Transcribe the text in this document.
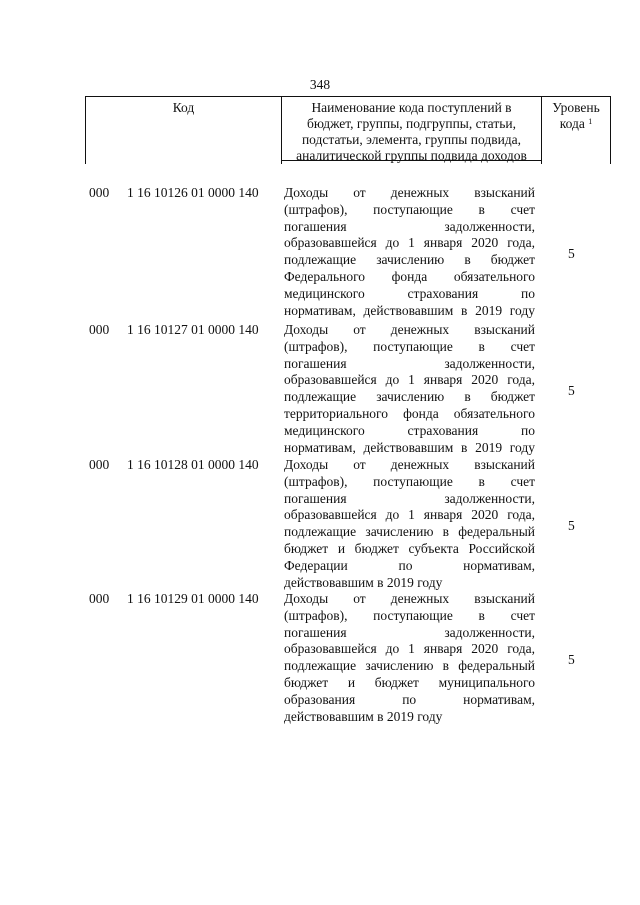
348
Код	Наименование кода поступлений в
бюджет, группы, подгруппы, статьи,
подстатьи, элемента, группы подвида,
аналитической группы подвида доходов
Уровень
кода $^1$
000 1 16 10126 01 0000 140 Доходы от денежных взысканий
(штрафов), поступающие в счет
погашения задолженности,
образовавшейся до 1 января 2020 года,
подлежащие зачислению в бюджет
Федерального фонда обязательного
медицинского страхования по
нормативам, действовавшим в 2019 году
5
000 1 16 10127 01 0000 140 Доходы от денежных взысканий
(штрафов), поступающие в счет
погашения задолженности,
образовавшейся до 1 января 2020 года,
подлежащие зачислению в бюджет
территориального фонда обязательного
медицинского страхования по
нормативам, действовавшим в 2019 году
5
000 1 16 10128 01 0000 140 Доходы от денежных взысканий
(штрафов), поступающие в счет
погашения задолженности,
образовавшейся до 1 января 2020 года,
подлежащие зачислению в федеральный
бюджет и бюджет субъекта Российской
Федерации по нормативам,
действовавшим в 2019 году
5
000 1 16 10129 01 0000 140 Доходы от денежных взысканий
(штрафов), поступающие в счет
погашения задолженности,
образовавшейся до 1 января 2020 года,
подлежащие зачислению в федеральный
бюджет и бюджет муниципального
образования по нормативам,
действовавшим в 2019 году
5
